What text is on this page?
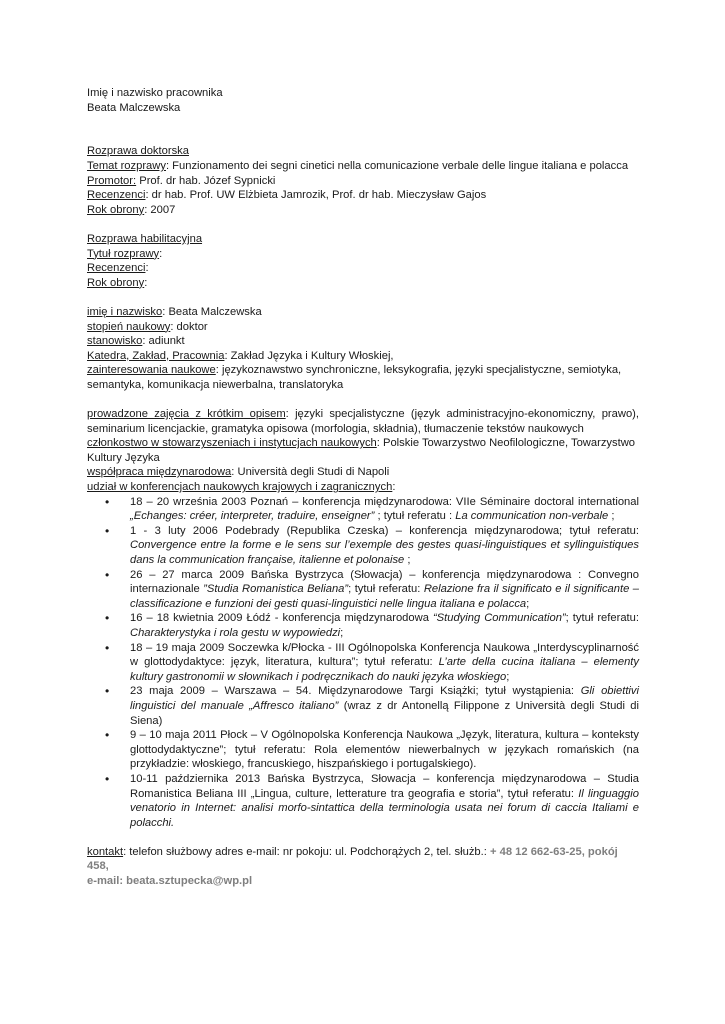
Imię i nazwisko pracownika

Beata Malczewska

Rozprawa doktorska

Temat rozprawy: Funzionamento dei segni cinetici nella comunicazione verbale delle lingue italiana e polacca

Promotor: Prof. dr hab. Józef Sypnicki

Recenzenci: dr hab. Prof. UW Elżbieta Jamrozik, Prof. dr hab. Mieczysław Gajos

Rok obrony: 2007

Rozprawa habilitacyjna

Tytuł rozprawy:

Recenzenci:

Rok obrony:

imię i nazwisko: Beata Malczewska

stopień naukowy: doktor

stanowisko: adiunkt

Katedra, Zakład, Pracownia: Zakład Języka i Kultury Włoskiej,

zainteresowania naukowe: językoznawstwo synchroniczne, leksykografia, języki specjalistyczne, semiotyka, semantyka, komunikacja niewerbalna, translatoryka

prowadzone zajęcia z krótkim opisem: języki specjalistyczne (język administracyjno-ekonomiczny, prawo), seminarium licencjackie, gramatyka opisowa (morfologia, składnia), tłumaczenie tekstów naukowych

członkostwo w stowarzyszeniach i instytucjach naukowych: Polskie Towarzystwo Neofilologiczne, Towarzystwo Kultury Języka

współpraca międzynarodowa: Università degli Studi di Napoli

udział w konferencjach naukowych krajowych i zagranicznych:

• 18 – 20 września 2003 Poznań – konferencja międzynarodowa: VIIe Séminaire doctoral international „Echanges: créer, interpreter, traduire, enseigner” ; tytuł referatu : La communication non-verbale ;
• 1 - 3 luty 2006 Podebrady (Republika Czeska) – konferencja międzynarodowa; tytuł referatu: Convergence entre la forme e le sens sur l’exemple des gestes quasi-linguistiques et syllinguistiques dans la communication française, italienne et polonaise ;
• 26 – 27 marca 2009 Bańska Bystrzyca (Słowacja) – konferencja międzynarodowa : Convegno internazionale ”Studia Romanistica Beliana”; tytuł referatu: Relazione fra il significato e il significante – classificazione e funzioni dei gesti quasi-linguistici nelle lingua italiana e polacca;
• 16 – 18 kwietnia 2009 Łódź - konferencja międzynarodowa “Studying Communication”; tytuł referatu: Charakterystyka i rola gestu w wypowiedzi;
• 18 – 19 maja 2009 Soczewka k/Płocka - III Ogólnopolska Konferencja Naukowa „Interdyscyplinarność w glottodydaktyce: język, literatura, kultura”; tytuł referatu: L’arte della cucina italiana – elementy kultury gastronomii w słownikach i podręcznikach do nauki języka włoskiego;
• 23 maja 2009 – Warszawa – 54. Międzynarodowe Targi Książki; tytuł wystąpienia: Gli obiettivi linguistici del manuale „Affresco italiano” (wraz z dr Antonellą Filippone z Università degli Studi di Siena)
• 9 – 10 maja 2011 Płock – V Ogólnopolska Konferencja Naukowa „Język, literatura, kultura – konteksty glottodydaktyczne”; tytuł referatu: Rola elementów niewerbalnych w językach romańskich (na przykładzie: włoskiego, francuskiego, hiszpańskiego i portugalskiego).
• 10-11 października 2013 Bańska Bystrzyca, Słowacja – konferencja międzynarodowa – Studia Romanistica Beliana III „Lingua, culture, letterature tra geografia e storia”, tytuł referatu: Il linguaggio venatorio in Internet: analisi morfo-sintattica della terminologia usata nei forum di caccia Italiami e polacchi.

kontakt: telefon służbowy adres e-mail: nr pokoju: ul. Podchorążych 2, tel. służb.: + 48 12 662-63-25, pokój 458,

e-mail: beata.sztupecka@wp.pl
